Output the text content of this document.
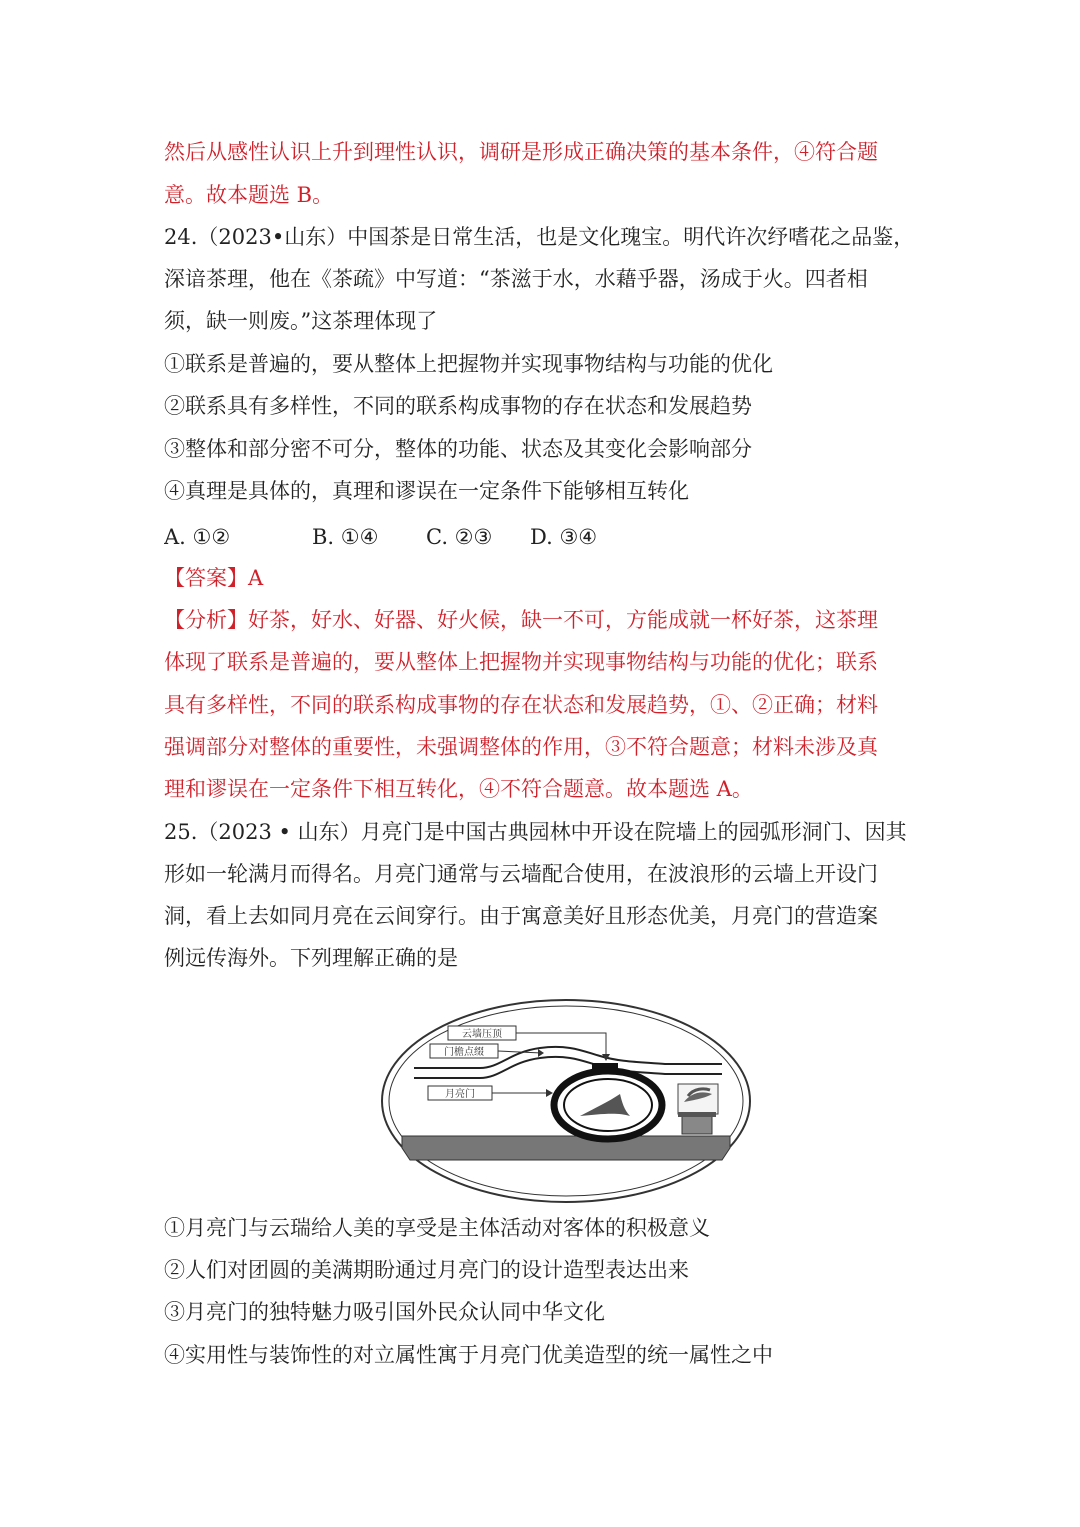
然后从感性认识上升到理性认识，调研是形成正确决策的基本条件，④符合题
意。故本题选 B。
24.（2023•山东）中国茶是日常生活，也是文化瑰宝。明代许次纾嗜花之品鉴，
深谙茶理，他在《茶疏》中写道：“茶滋于水，水藉乎器，汤成于火。四者相
须，缺一则废。”这茶理体现了
①联系是普遍的，要从整体上把握物并实现事物结构与功能的优化
②联系具有多样性，不同的联系构成事物的存在状态和发展趋势
③整体和部分密不可分，整体的功能、状态及其变化会影响部分
④真理是具体的，真理和谬误在一定条件下能够相互转化
A. ①②	B. ①④ C. ②③ D. ③④
【答案】A
【分析】好茶，好水、好器、好火候，缺一不可，方能成就一杯好茶，这茶理
体现了联系是普遍的，要从整体上把握物并实现事物结构与功能的优化；联系
具有多样性，不同的联系构成事物的存在状态和发展趋势，①、②正确；材料
强调部分对整体的重要性，未强调整体的作用，③不符合题意；材料未涉及真
理和谬误在一定条件下相互转化，④不符合题意。故本题选 A。
25.（2023 • 山东）月亮门是中国古典园林中开设在院墙上的园弧形洞门、因其
形如一轮满月而得名。月亮门通常与云墙配合使用，在波浪形的云墙上开设门
洞，看上去如同月亮在云间穿行。由于寓意美好且形态优美，月亮门的营造案
例远传海外。下列理解正确的是
云墙压顶
门檐点缀
月亮门
①月亮门与云瑞给人美的享受是主体活动对客体的积极意义
②人们对团圆的美满期盼通过月亮门的设计造型表达出来
③月亮门的独特魅力吸引国外民众认同中华文化
④实用性与装饰性的对立属性寓于月亮门优美造型的统一属性之中
